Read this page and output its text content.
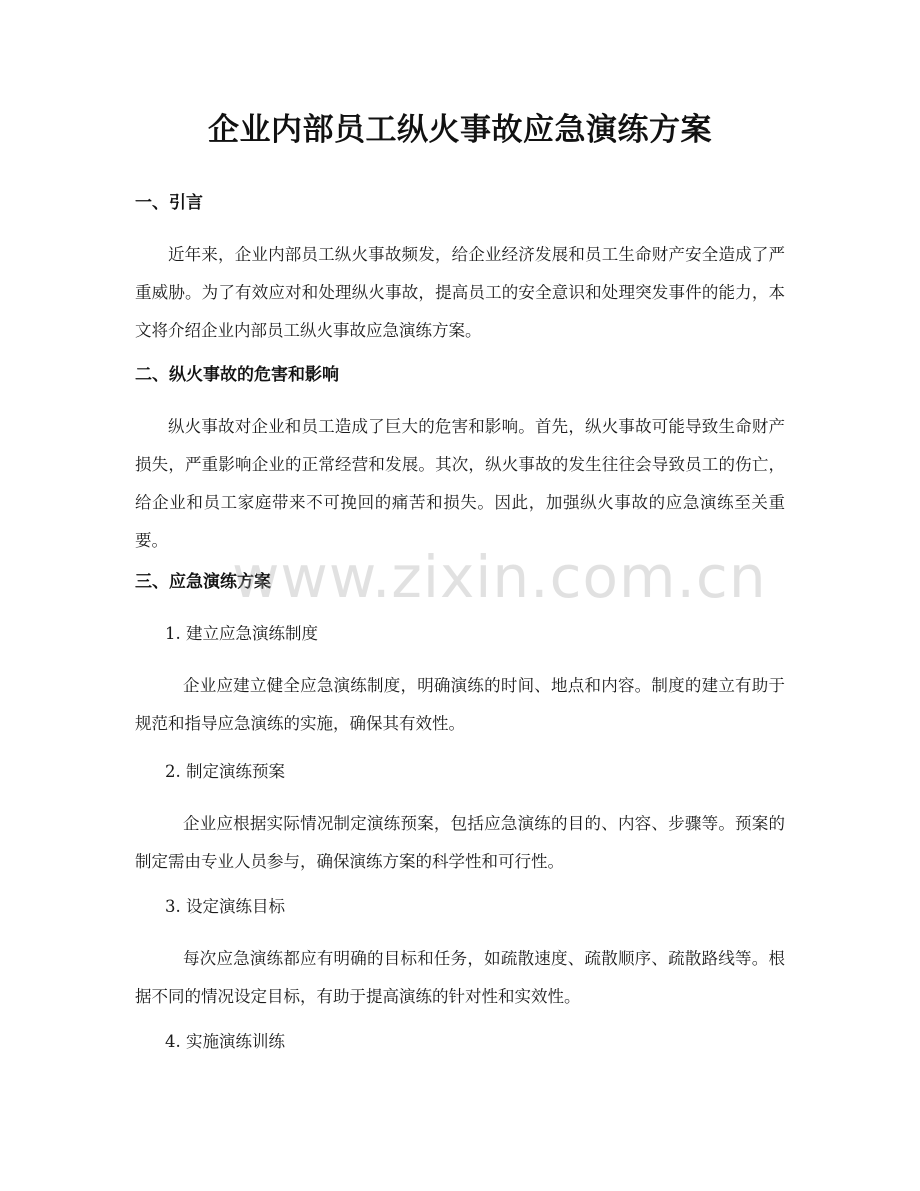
企业内部员工纵火事故应急演练方案
一、引言
近年来，企业内部员工纵火事故频发，给企业经济发展和员工生命财产安全造成了严重威胁。为了有效应对和处理纵火事故，提高员工的安全意识和处理突发事件的能力，本文将介绍企业内部员工纵火事故应急演练方案。
二、纵火事故的危害和影响
纵火事故对企业和员工造成了巨大的危害和影响。首先，纵火事故可能导致生命财产损失，严重影响企业的正常经营和发展。其次，纵火事故的发生往往会导致员工的伤亡，给企业和员工家庭带来不可挽回的痛苦和损失。因此，加强纵火事故的应急演练至关重要。
三、应急演练方案
1. 建立应急演练制度
企业应建立健全应急演练制度，明确演练的时间、地点和内容。制度的建立有助于规范和指导应急演练的实施，确保其有效性。
2. 制定演练预案
企业应根据实际情况制定演练预案，包括应急演练的目的、内容、步骤等。预案的制定需由专业人员参与，确保演练方案的科学性和可行性。
3. 设定演练目标
每次应急演练都应有明确的目标和任务，如疏散速度、疏散顺序、疏散路线等。根据不同的情况设定目标，有助于提高演练的针对性和实效性。
4. 实施演练训练
www.zixin.com.cn
